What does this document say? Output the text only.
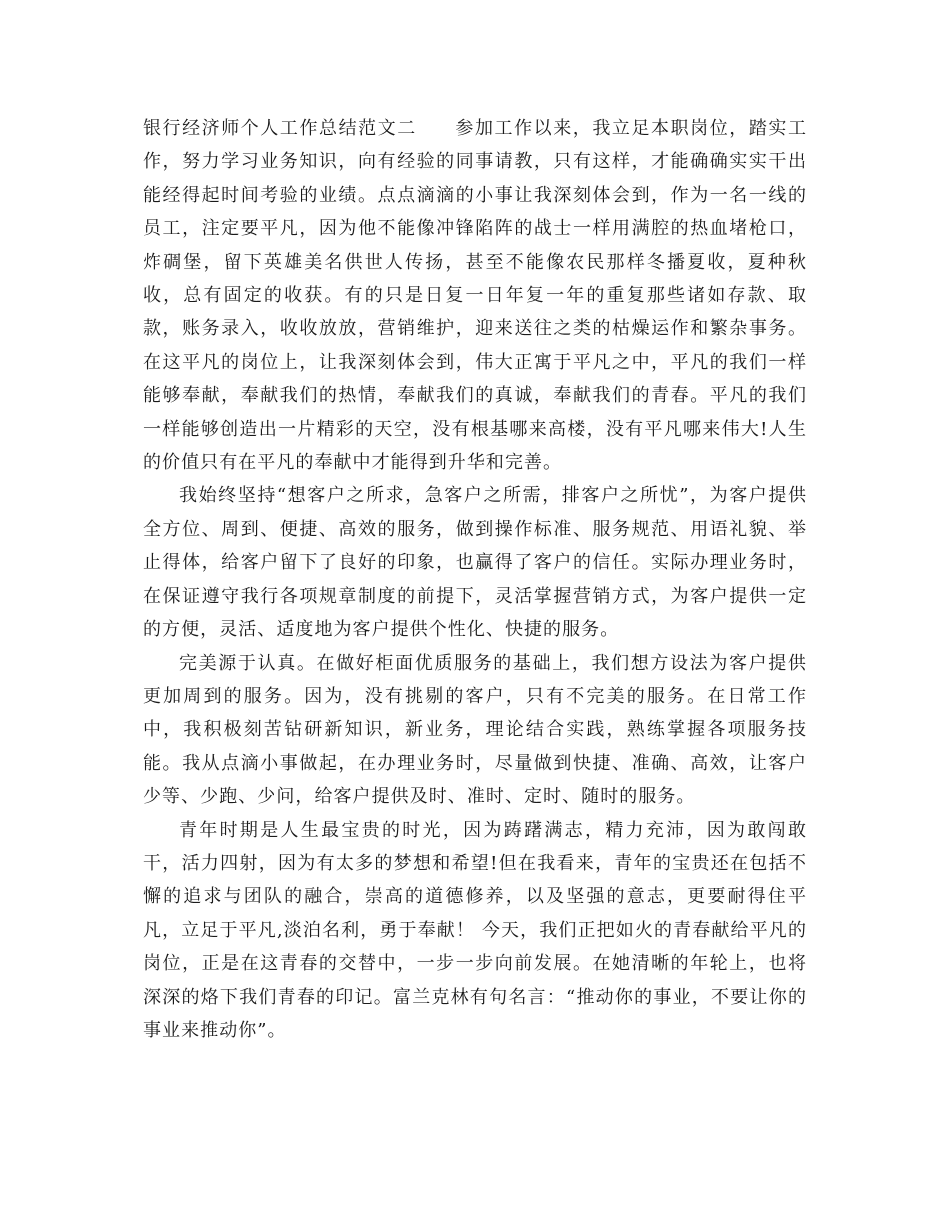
银行经济师个人工作总结范文二 参加工作以来，我立足本职岗位，踏实工作，努力学习业务知识，向有经验的同事请教，只有这样，才能确确实实干出能经得起时间考验的业绩。点点滴滴的小事让我深刻体会到，作为一名一线的员工，注定要平凡，因为他不能像冲锋陷阵的战士一样用满腔的热血堵枪口，炸碉堡，留下英雄美名供世人传扬，甚至不能像农民那样冬播夏收，夏种秋收，总有固定的收获。有的只是日复一日年复一年的重复那些诸如存款、取款，账务录入，收收放放，营销维护，迎来送往之类的枯燥运作和繁杂事务。在这平凡的岗位上，让我深刻体会到，伟大正寓于平凡之中，平凡的我们一样能够奉献，奉献我们的热情，奉献我们的真诚，奉献我们的青春。平凡的我们一样能够创造出一片精彩的天空，没有根基哪来高楼，没有平凡哪来伟大!人生的价值只有在平凡的奉献中才能得到升华和完善。

我始终坚持“想客户之所求，急客户之所需，排客户之所忧”，为客户提供全方位、周到、便捷、高效的服务，做到操作标准、服务规范、用语礼貌、举止得体，给客户留下了良好的印象，也赢得了客户的信任。实际办理业务时，在保证遵守我行各项规章制度的前提下，灵活掌握营销方式，为客户提供一定的方便，灵活、适度地为客户提供个性化、快捷的服务。

完美源于认真。在做好柜面优质服务的基础上，我们想方设法为客户提供更加周到的服务。因为，没有挑剔的客户，只有不完美的服务。在日常工作中，我积极刻苦钻研新知识，新业务，理论结合实践，熟练掌握各项服务技能。我从点滴小事做起，在办理业务时，尽量做到快捷、准确、高效，让客户少等、少跑、少问，给客户提供及时、准时、定时、随时的服务。

青年时期是人生最宝贵的时光，因为踌躇满志，精力充沛，因为敢闯敢干，活力四射，因为有太多的梦想和希望!但在我看来，青年的宝贵还在包括不懈的追求与团队的融合，崇高的道德修养，以及坚强的意志，更要耐得住平凡，立足于平凡,淡泊名利，勇于奉献！ 今天，我们正把如火的青春献给平凡的岗位，正是在这青春的交替中，一步一步向前发展。在她清晰的年轮上，也将深深的烙下我们青春的印记。富兰克林有句名言：“推动你的事业，不要让你的事业来推动你”。
